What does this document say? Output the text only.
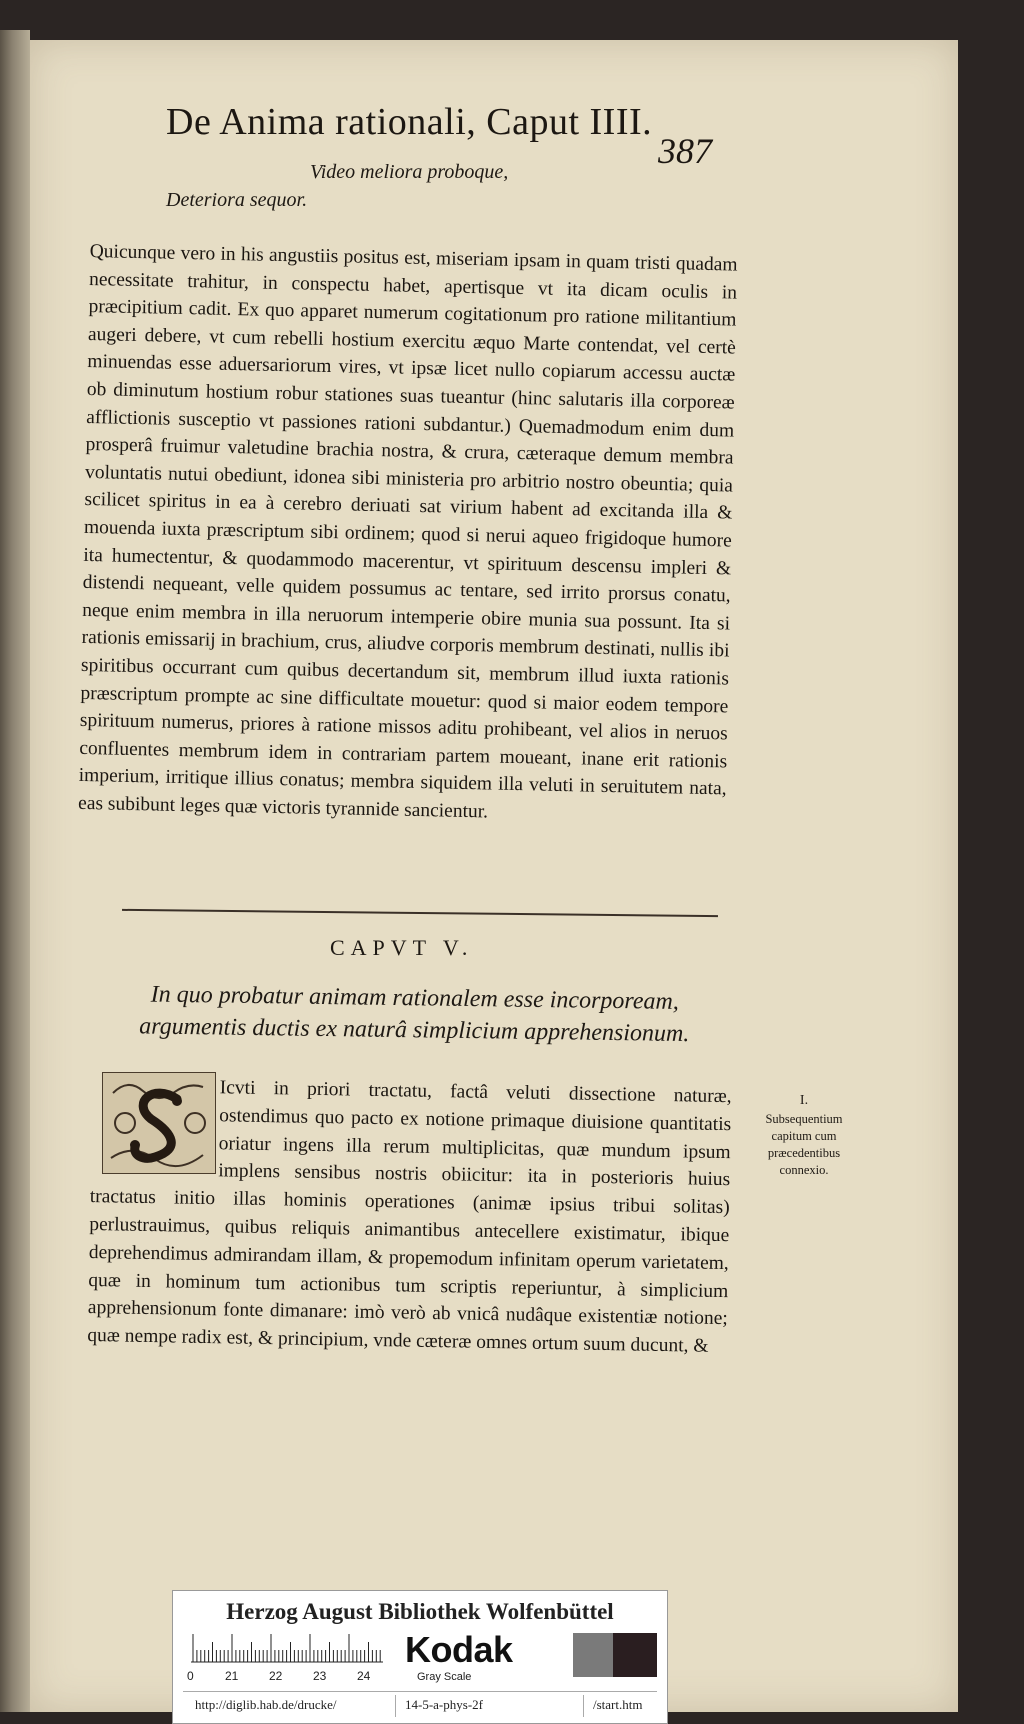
De Anima rationali, Caput IIII.
387
Video meliora proboque,
Deteriora sequor.

Quicunque vero in his angustiis positus est, miseriam ipsam in quam tristi quadam necessitate trahitur, in conspectu habet, apertisque vt ita dicam oculis in præcipitium cadit. Ex quo apparet numerum cogitationum pro ratione militantium augeri debere, vt cum rebelli hostium exercitu æquo Marte contendat, vel certè minuendas esse aduersariorum vires, vt ipsæ licet nullo copiarum accessu auctæ ob diminutum hostium robur stationes suas tueantur (hinc salutaris illa corporeæ afflictionis susceptio vt passiones rationi subdantur.) Quemadmodum enim dum prosperâ fruimur valetudine brachia nostra, & crura, cæteraque demum membra voluntatis nutui obediunt, idonea sibi ministeria pro arbitrio nostro obeuntia; quia scilicet spiritus in ea à cerebro deriuati sat virium habent ad excitanda illa & mouenda iuxta præscriptum sibi ordinem; quod si nerui aqueo frigidoque humore ita humectentur, & quodammodo macerentur, vt spirituum descensu impleri & distendi nequeant, velle quidem possumus ac tentare, sed irrito prorsus conatu, neque enim membra in illa neruorum intemperie obire munia sua possunt. Ita si rationis emissarij in brachium, crus, aliudve corporis membrum destinati, nullis ibi spiritibus occurrant cum quibus decertandum sit, membrum illud iuxta rationis præscriptum prompte ac sine difficultate mouetur: quod si maior eodem tempore spirituum numerus, priores à ratione missos aditu prohibeant, vel alios in neruos confluentes membrum idem in contrariam partem moueant, inane erit rationis imperium, irritique illius conatus; membra siquidem illa veluti in seruitutem nata, eas subibunt leges quæ victoris tyrannide sancientur.

CAPVT V.

In quo probatur animam rationalem esse incorpoream, argumentis ductis ex naturâ simplicium apprehensionum.

Icvti in priori tractatu, factâ veluti dissectione naturæ, ostendimus quo pacto ex notione primaque diuisione quantitatis oriatur ingens illa rerum multiplicitas, quæ mundum ipsum implens sensibus nostris obiicitur: ita in posterioris huius tractatus initio illas hominis operationes (animæ ipsius tribui solitas) perlustrauimus, quibus reliquis animantibus antecellere existimatur, ibique deprehendimus admirandam illam, & propemodum infinitam operum varietatem, quæ in hominum tum actionibus tum scriptis reperiuntur, à simplicium apprehensionum fonte dimanare: imò verò ab vnicâ nudâque existentiæ notione; quæ nempe radix est, & principium, vnde cæteræ omnes ortum suum ducunt, &

I.
Subsequentium capitum cum præcedentibus connexio.
Herzog August Bibliothek Wolfenbüttel
0	21	22	23	24
Kodak
Gray Scale
http://diglib.hab.de/drucke/	14-5-a-phys-2f	/start.htm
